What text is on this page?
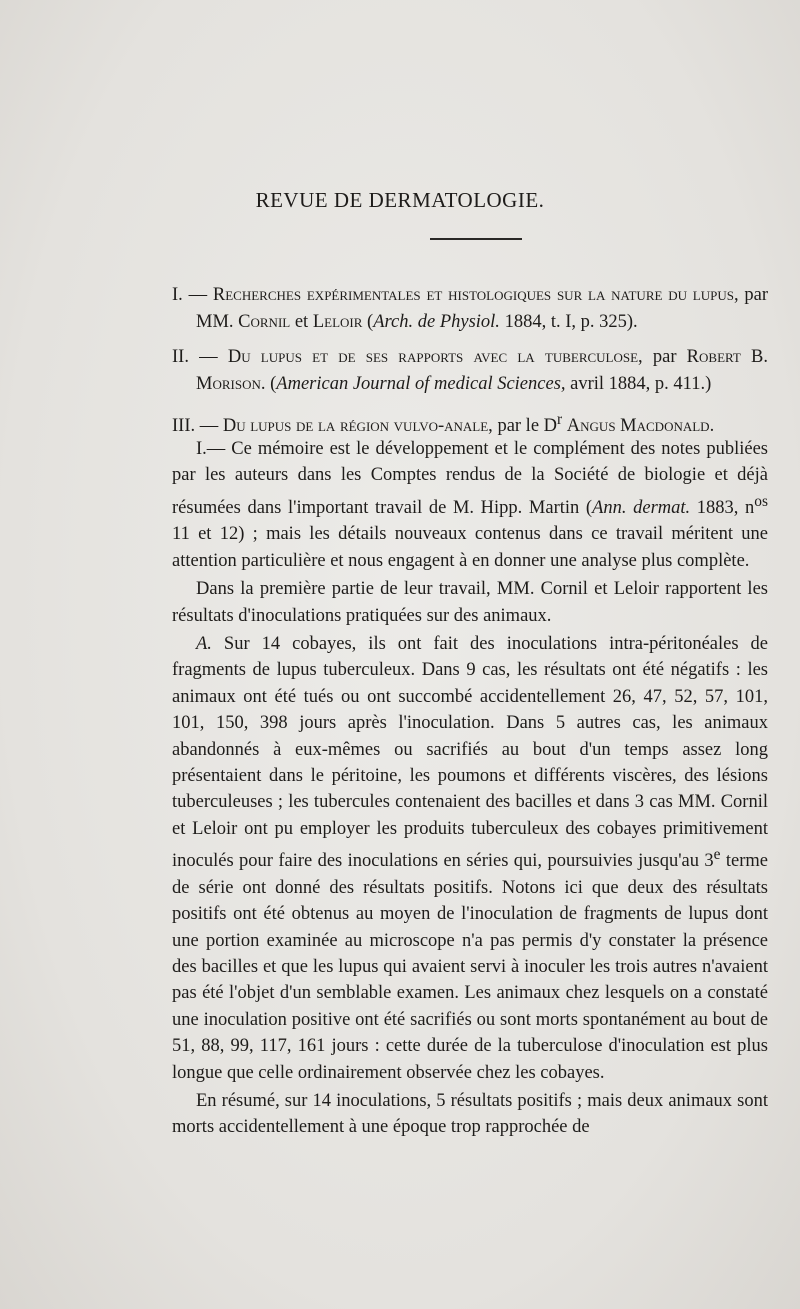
REVUE DE DERMATOLOGIE.

I. — Recherches expérimentales et histologiques sur la nature du lupus, par MM. Cornil et Leloir (Arch. de Physiol. 1884, t. I, p. 325).

II. — Du lupus et de ses rapports avec la tuberculose, par Robert B. Morison. (American Journal of medical Sciences, avril 1884, p. 411.)

III. — Du lupus de la région vulvo-anale, par le $D^r$ Angus Macdonald.

I.— Ce mémoire est le développement et le complément des notes publiées par les auteurs dans les Comptes rendus de la Société de biologie et déjà résumées dans l'important travail de M. Hipp. Martin (Ann. dermat. 1883, $n^{os}$ 11 et 12) ; mais les détails nouveaux contenus dans ce travail méritent une attention particulière et nous engagent à en donner une analyse plus complète.

Dans la première partie de leur travail, MM. Cornil et Leloir rapportent les résultats d'inoculations pratiquées sur des animaux.

A. Sur 14 cobayes, ils ont fait des inoculations intra-péritonéales de fragments de lupus tuberculeux. Dans 9 cas, les résultats ont été négatifs : les animaux ont été tués ou ont succombé accidentellement 26, 47, 52, 57, 101, 101, 150, 398 jours après l'inoculation. Dans 5 autres cas, les animaux abandonnés à eux-mêmes ou sacrifiés au bout d'un temps assez long présentaient dans le péritoine, les poumons et différents viscères, des lésions tuberculeuses ; les tubercules contenaient des bacilles et dans 3 cas MM. Cornil et Leloir ont pu employer les produits tuberculeux des cobayes primitivement inoculés pour faire des inoculations en séries qui, poursuivies jusqu'au 3e terme de série ont donné des résultats positifs. Notons ici que deux des résultats positifs ont été obtenus au moyen de l'inoculation de fragments de lupus dont une portion examinée au microscope n'a pas permis d'y constater la présence des bacilles et que les lupus qui avaient servi à inoculer les trois autres n'avaient pas été l'objet d'un semblable examen. Les animaux chez lesquels on a constaté une inoculation positive ont été sacrifiés ou sont morts spontanément au bout de 51, 88, 99, 117, 161 jours : cette durée de la tuberculose d'inoculation est plus longue que celle ordinairement observée chez les cobayes.

En résumé, sur 14 inoculations, 5 résultats positifs ; mais deux animaux sont morts accidentellement à une époque trop rapprochée de
